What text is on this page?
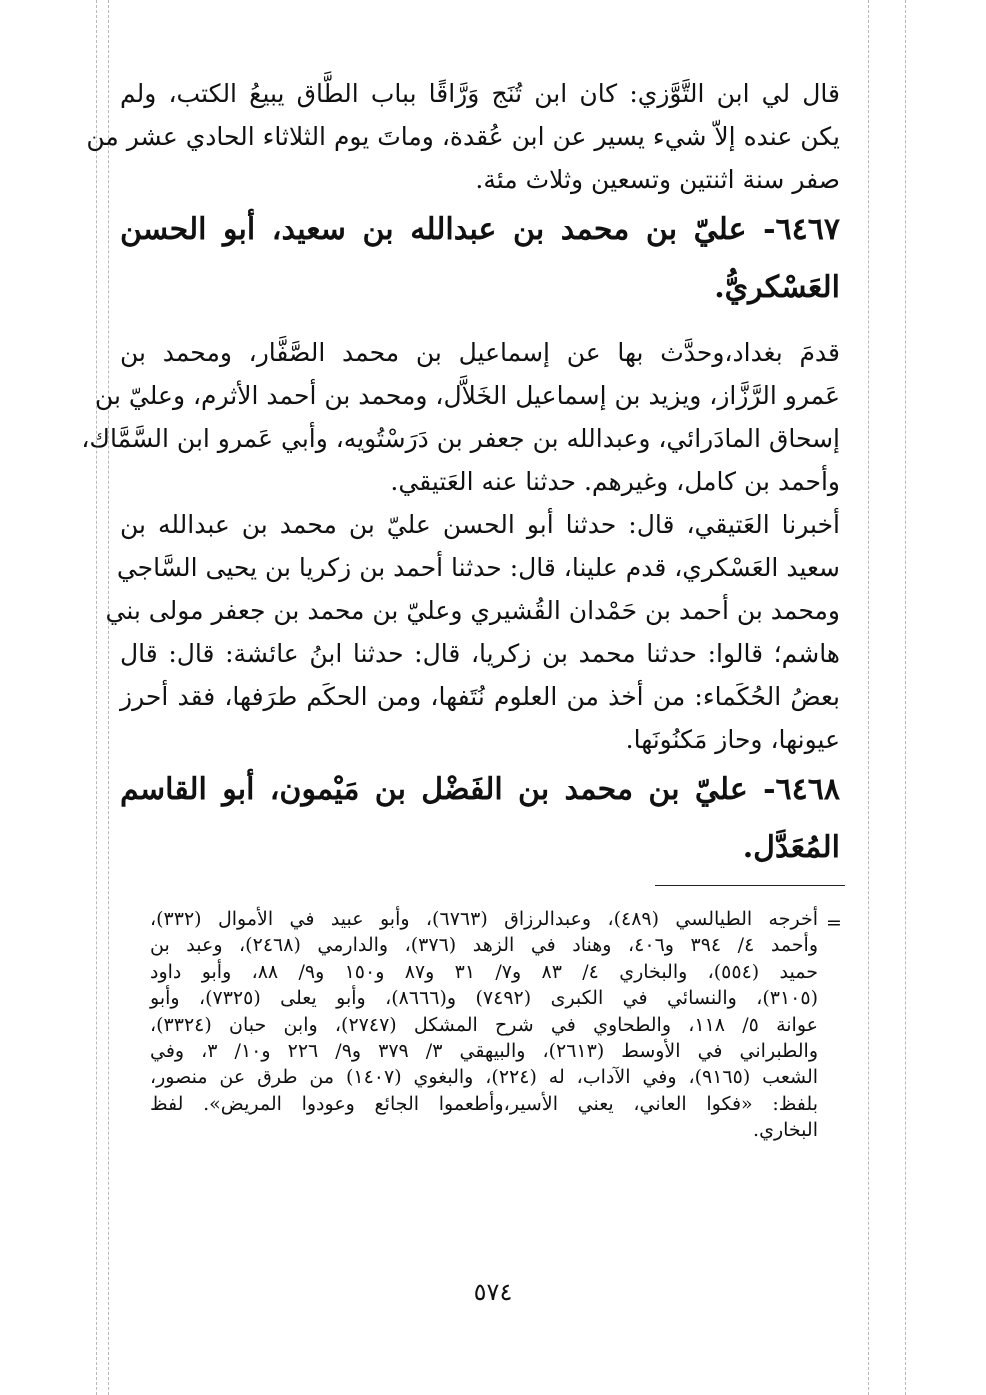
قال لي ابن التَّوَّزي: كان ابن تُنَج وَرَّاقًا بباب الطَّاق يبيعُ الكتب، ولم
يكن عنده إلاّ شيء يسير عن ابن عُقدة، وماتَ يوم الثلاثاء الحادي عشر من
صفر سنة اثنتين وتسعين وثلاث مئة.
٦٤٦٧- عليّ بن محمد بن عبدالله بن سعيد، أبو الحسن
العَسْكريُّ.
قدمَ بغداد،وحدَّث بها عن إسماعيل بن محمد الصَّفَّار، ومحمد بن
عَمرو الرَّزَّاز، ويزيد بن إسماعيل الخَلاَّل، ومحمد بن أحمد الأثرم، وعليّ بن
إسحاق المادَرائي، وعبدالله بن جعفر بن دَرَسْتُويه، وأبي عَمرو ابن السَّمَّاك،
وأحمد بن كامل، وغيرهم. حدثنا عنه العَتيقي.
أخبرنا العَتيقي، قال: حدثنا أبو الحسن عليّ بن محمد بن عبدالله بن
سعيد العَسْكري، قدم علينا، قال: حدثنا أحمد بن زكريا بن يحيى السَّاجي
ومحمد بن أحمد بن حَمْدان القُشيري وعليّ بن محمد بن جعفر مولى بني
هاشم؛ قالوا: حدثنا محمد بن زكريا، قال: حدثنا ابنُ عائشة: قال: قال
بعضُ الحُكَماء: من أخذ من العلوم نُتَفها، ومن الحكَم طرَفها، فقد أحرز
عيونها، وحاز مَكنُونَها.
٦٤٦٨- عليّ بن محمد بن الفَضْل بن مَيْمون، أبو القاسم
المُعَدَّل.
=
أخرجه الطيالسي (٤٨٩)، وعبدالرزاق (٦٧٦٣)، وأبو عبيد في الأموال (٣٣٢)،
وأحمد ٤/ ٣٩٤ و٤٠٦، وهناد في الزهد (٣٧٦)، والدارمي (٢٤٦٨)، وعبد بن
حميد (٥٥٤)، والبخاري ٤/ ٨٣ و٧/ ٣١ و٨٧ و١٥٠ و٩/ ٨٨، وأبو داود
(٣١٠٥)، والنسائي في الكبرى (٧٤٩٢) و(٨٦٦٦)، وأبو يعلى (٧٣٢٥)، وأبو
عوانة ٥/ ١١٨، والطحاوي في شرح المشكل (٢٧٤٧)، وابن حبان (٣٣٢٤)،
والطبراني في الأوسط (٢٦١٣)، والبيهقي ٣/ ٣٧٩ و٩/ ٢٢٦ و١٠/ ٣، وفي
الشعب (٩١٦٥)، وفي الآداب، له (٢٢٤)، والبغوي (١٤٠٧) من طرق عن منصور،
بلفظ: «فكوا العاني، يعني الأسير،وأطعموا الجائع وعودوا المريض». لفظ
البخاري.
٥٧٤
